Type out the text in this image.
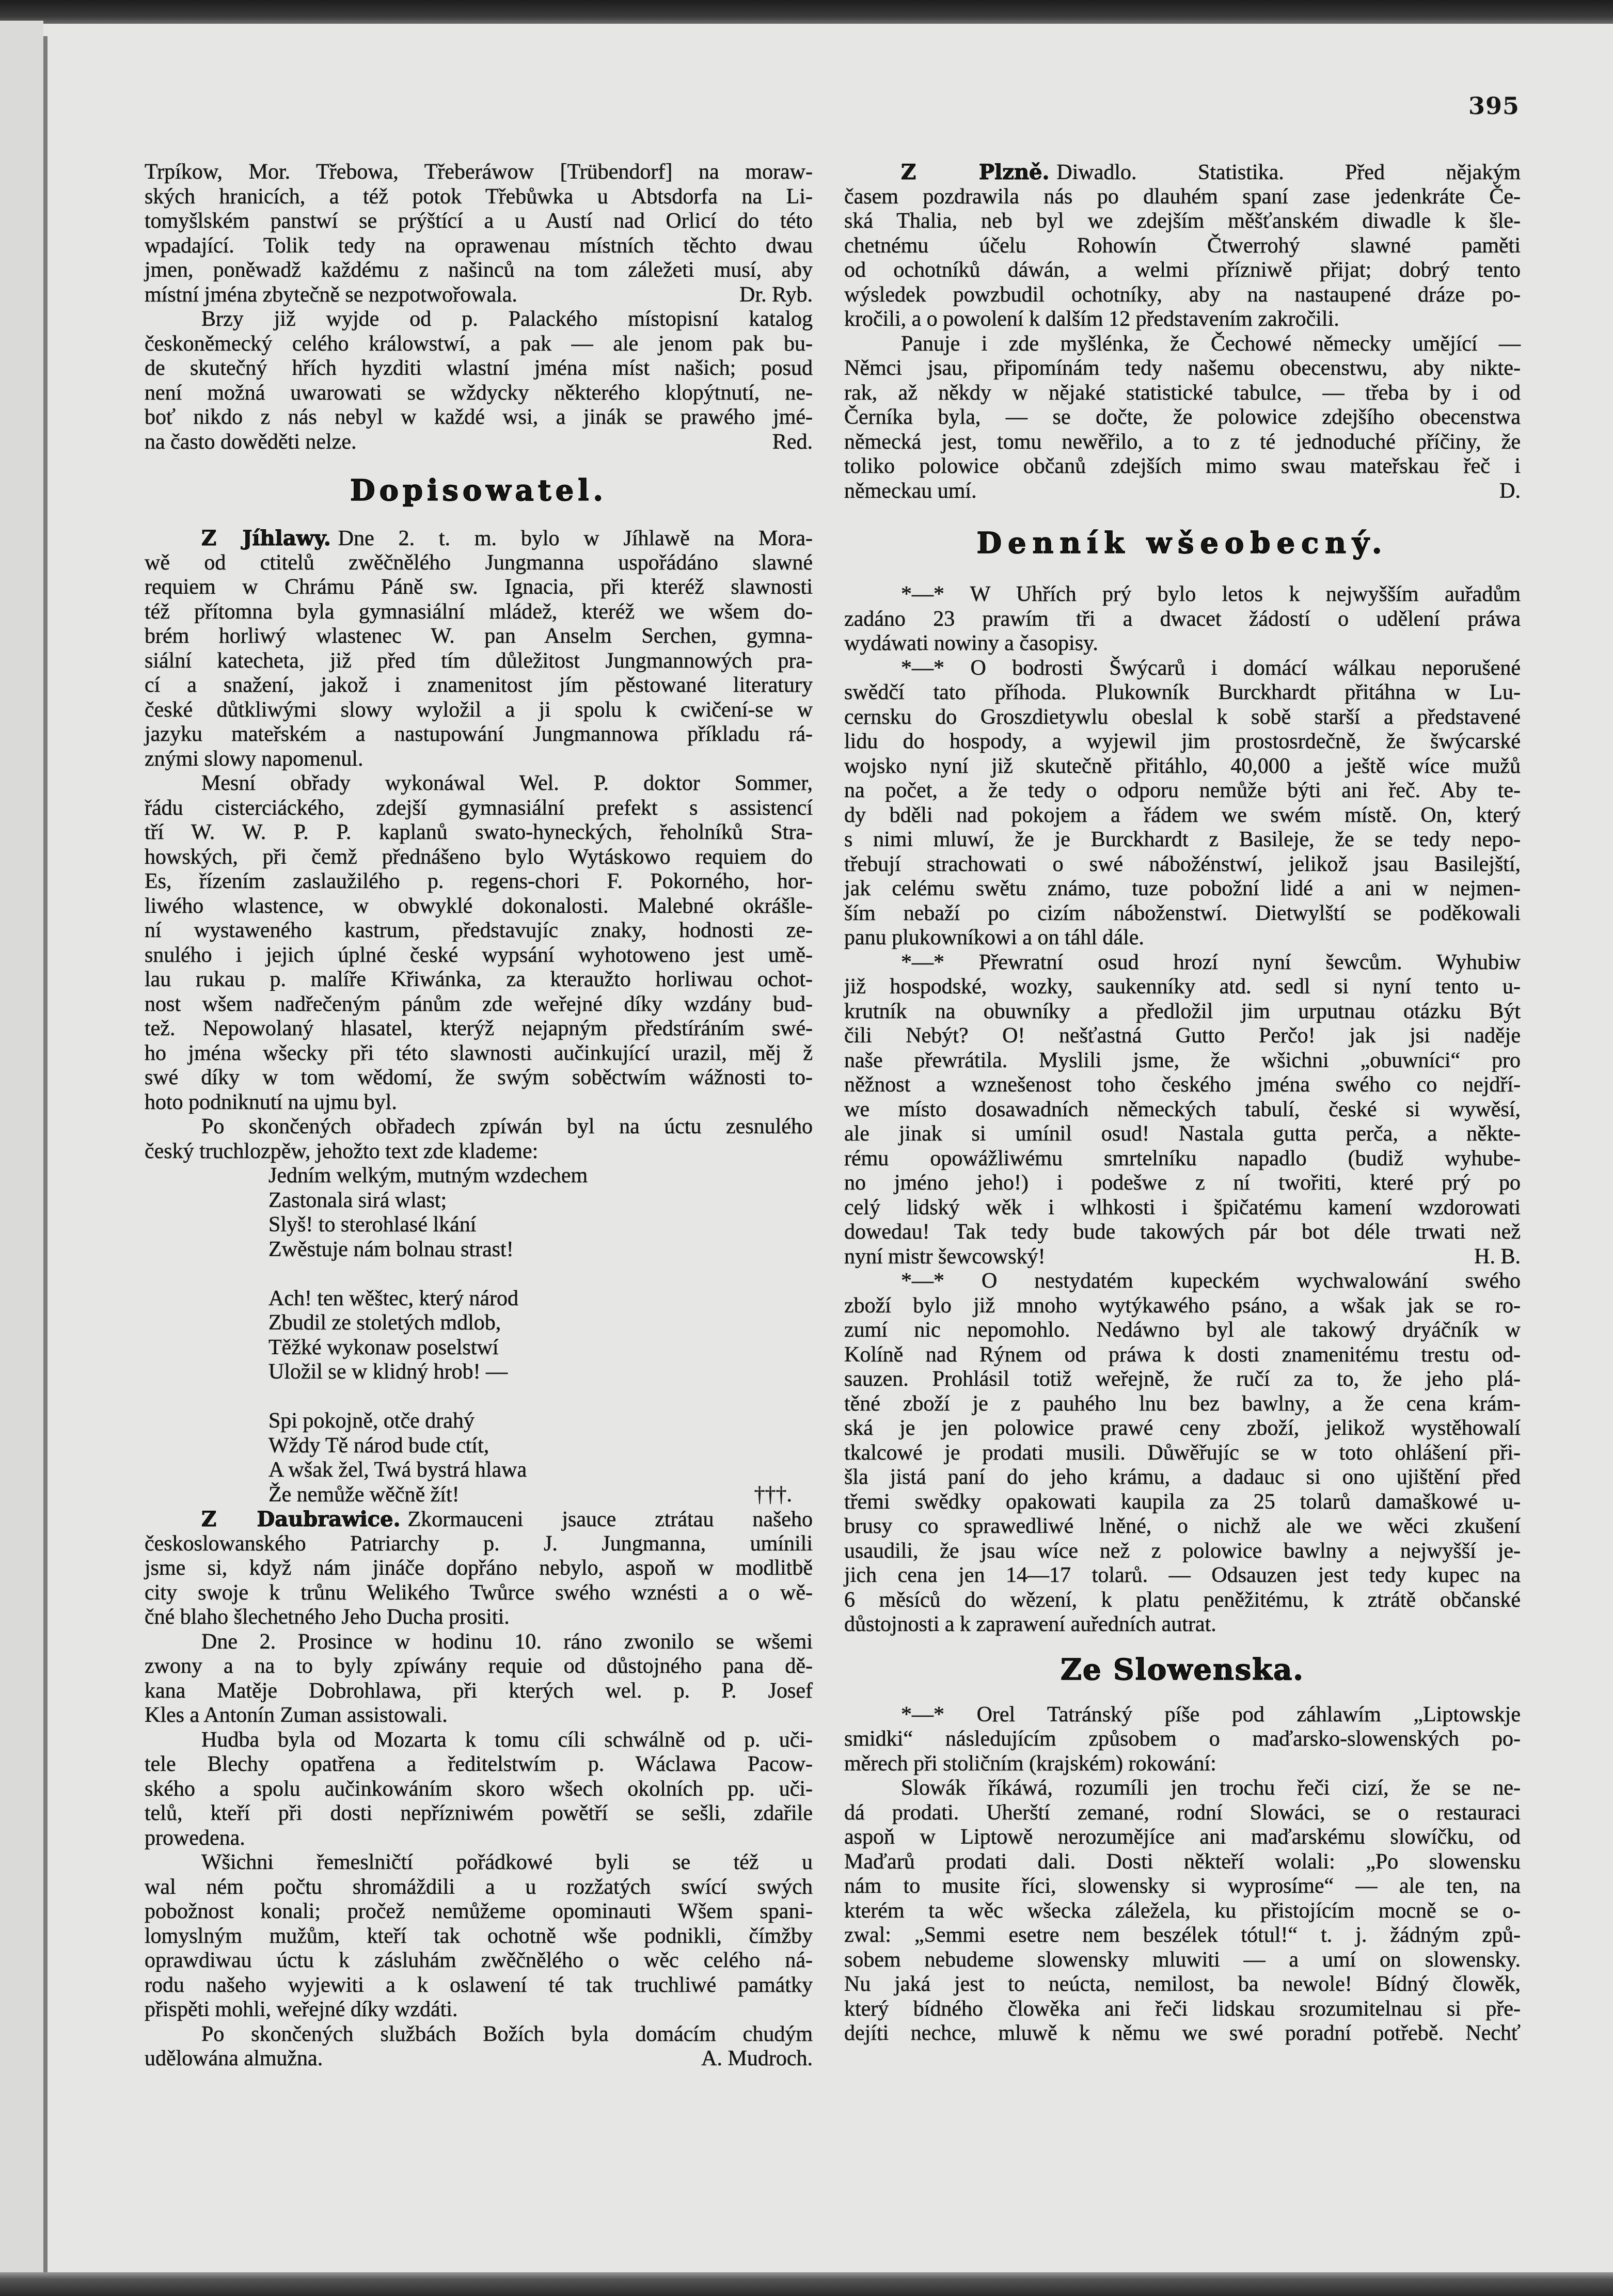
395
Trpíkow, Mor. Třebowa, Třeberáwow [Trübendorf] na moraw-
ských hranicích, a též potok Třebůwka u Abtsdorfa na Li-
tomyšlském panstwí se prýštící a u Austí nad Orlicí do této
wpadající. Tolik tedy na oprawenau místních těchto dwau
jmen, poněwadž každému z našinců na tom záležeti musí, aby
místní jména zbytečně se nezpotwořowala.	Dr. Ryb.
Brzy již wyjde od p. Palackého místopisní katalog
českoněmecký celého králowstwí, a pak — ale jenom pak bu-
de skutečný hřích hyzditi wlastní jména míst našich; posud
není možná uwarowati se wždycky některého klopýtnutí, ne-
boť nikdo z nás nebyl w každé wsi, a jinák se prawého jmé-
na často dowěděti nelze.	Red.
Dopisowatel.
Z Jíhlawy. Dne 2. t. m. bylo w Jíhlawě na Mora-
wě od ctitelů zwěčnělého Jungmanna uspořádáno slawné
requiem w Chrámu Páně sw. Ignacia, při kteréž slawnosti
též přítomna byla gymnasiální mládež, kteréž we wšem do-
brém horliwý wlastenec W. pan Anselm Serchen, gymna-
siální katecheta, již před tím důležitost Jungmannowých pra-
cí a snažení, jakož i znamenitost jím pěstowané literatury
české důtkliwými slowy wyložil a ji spolu k cwičení-se w
jazyku mateřském a nastupowání Jungmannowa příkladu rá-
znými slowy napomenul.
Mesní obřady wykonáwal Wel. P. doktor Sommer,
řádu cisterciáckého, zdejší gymnasiální prefekt s assistencí
tří W. W. P. P. kaplanů swato-hyneckých, řeholníků Stra-
howských, při čemž přednášeno bylo Wytáskowo requiem do
Es, řízením zaslaužilého p. regens-chori F. Pokorného, hor-
liwého wlastence, w obwyklé dokonalosti. Malebné okrášle-
ní wystaweného kastrum, představujíc znaky, hodnosti ze-
snulého i jejich úplné české wypsání wyhotoweno jest umě-
lau rukau p. malíře Křiwánka, za kteraužto horliwau ochot-
nost wšem nadřečeným pánům zde weřejné díky wzdány bud-
tež. Nepowolaný hlasatel, kterýž nejapným předstíráním swé-
ho jména wšecky při této slawnosti aučinkující urazil, měj ž
swé díky w tom wědomí, že swým soběctwím wážnosti to-
hoto podniknutí na ujmu byl.
Po skončených obřadech zpíwán byl na úctu zesnulého
český truchlozpěw, jehožto text zde klademe:
Jedním welkým, mutným wzdechem
Zastonala sirá wlast;
Slyš! to sterohlasé lkání
Zwěstuje nám bolnau strast!
Ach! ten wěštec, který národ
Zbudil ze stoletých mdlob,
Těžké wykonaw poselstwí
Uložil se w klidný hrob! —
Spi pokojně, otče drahý
Wždy Tě národ bude ctít,
A wšak žel, Twá bystrá hlawa
Že nemůže wěčně žít!	†††.
Z Daubrawice. Zkormauceni jsauce ztrátau našeho
českoslowanského Patriarchy p. J. Jungmanna, umínili
jsme si, když nám jináče dopřáno nebylo, aspoň w modlitbě
city swoje k trůnu Welikého Twůrce swého wznésti a o wě-
čné blaho šlechetného Jeho Ducha prositi.
Dne 2. Prosince w hodinu 10. ráno zwonilo se wšemi
zwony a na to byly zpíwány requie od důstojného pana dě-
kana Matěje Dobrohlawa, při kterých wel. p. P. Josef
Kles a Antonín Zuman assistowali.
Hudba byla od Mozarta k tomu cíli schwálně od p. uči-
tele Blechy opatřena a ředitelstwím p. Wáclawa Pacow-
ského a spolu aučinkowáním skoro wšech okolních pp. uči-
telů, kteří při dosti nepřízniwém powětří se sešli, zdařile
prowedena.
Wšichni řemeslničtí pořádkowé byli se též u
wal ném počtu shromáždili a u rozžatých swící swých
pobožnost konali; pročež nemůžeme opominauti Wšem spani-
lomyslným mužům, kteří tak ochotně wše podnikli, čímžby
oprawdiwau úctu k zásluhám zwěčnělého o wěc celého ná-
rodu našeho wyjewiti a k oslawení té tak truchliwé památky
přispěti mohli, weřejné díky wzdáti.
Po skončených službách Božích byla domácím chudým
udělowána almužna.	A. Mudroch.
Z Plzně. Diwadlo. Statistika. Před nějakým
časem pozdrawila nás po dlauhém spaní zase jedenkráte Če-
ská Thalia, neb byl we zdejším měšťanském diwadle k šle-
chetnému účelu Rohowín Čtwerrohý slawné paměti
od ochotníků dáwán, a welmi přízniwě přijat; dobrý tento
wýsledek powzbudil ochotníky, aby na nastaupené dráze po-
kročili, a o powolení k dalším 12 představením zakročili.
Panuje i zde myšlénka, že Čechowé německy umějící —
Němci jsau, připomínám tedy našemu obecenstwu, aby nikte-
rak, až někdy w nějaké statistické tabulce, — třeba by i od
Černíka byla, — se dočte, že polowice zdejšího obecenstwa
německá jest, tomu newěřilo, a to z té jednoduché příčiny, že
toliko polowice občanů zdejších mimo swau mateřskau řeč i
německau umí.	D.
Denník wšeobecný.
*—* W Uhřích prý bylo letos k nejwyšším auřadům
zadáno 23 prawím tři a dwacet žádostí o udělení práwa
wydáwati nowiny a časopisy.
*—* O bodrosti Šwýcarů i domácí wálkau neporušené
swědčí tato příhoda. Plukowník Burckhardt přitáhna w Lu-
cernsku do Groszdietywlu obeslal k sobě starší a představené
lidu do hospody, a wyjewil jim prostosrdečně, že šwýcarské
wojsko nyní již skutečně přitáhlo, 40,000 a ještě wíce mužů
na počet, a že tedy o odporu nemůže býti ani řeč. Aby te-
dy bděli nad pokojem a řádem we swém místě. On, který
s nimi mluwí, že je Burckhardt z Basileje, že se tedy nepo-
třebují strachowati o swé nábožénstwí, jelikož jsau Basilejští,
jak celému swětu známo, tuze pobožní lidé a ani w nejmen-
ším nebaží po cizím náboženstwí. Dietwylští se poděkowali
panu plukowníkowi a on táhl dále.
*—* Přewratní osud hrozí nyní šewcům. Wyhubiw
již hospodské, wozky, saukenníky atd. sedl si nyní tento u-
krutník na obuwníky a předložil jim urputnau otázku Být
čili Nebýt? O! nešťastná Gutto Perčo! jak jsi naděje
naše přewrátila. Myslili jsme, že wšichni „obuwníci“ pro
něžnost a wznešenost toho českého jména swého co nejdří-
we místo dosawadních německých tabulí, české si wywěsí,
ale jinak si umínil osud! Nastala gutta perča, a někte-
rému opowážliwému smrtelníku napadlo (budiž wyhube-
no jméno jeho!) i podešwe z ní twořiti, které prý po
celý lidský wěk i wlhkosti i špičatému kamení wzdorowati
dowedau! Tak tedy bude takowých pár bot déle trwati než
nyní mistr šewcowský!	H. B.
*—* O nestydatém kupeckém wychwalowání swého
zboží bylo již mnoho wytýkawého psáno, a wšak jak se ro-
zumí nic nepomohlo. Nedáwno byl ale takowý dryáčník w
Kolíně nad Rýnem od práwa k dosti znamenitému trestu od-
sauzen. Prohlásil totiž weřejně, že ručí za to, že jeho plá-
těné zboží je z pauhého lnu bez bawlny, a že cena krám-
ská je jen polowice prawé ceny zboží, jelikož wystěhowalí
tkalcowé je prodati musili. Důwěřujíc se w toto ohlášení při-
šla jistá paní do jeho krámu, a dadauc si ono ujištění před
třemi swědky opakowati kaupila za 25 tolarů damaškowé u-
brusy co sprawedliwé lněné, o nichž ale we wěci zkušení
usaudili, že jsau wíce než z polowice bawlny a nejwyšší je-
jich cena jen 14—17 tolarů. — Odsauzen jest tedy kupec na
6 měsíců do wězení, k platu peněžitému, k ztrátě občanské
důstojnosti a k zaprawení auředních autrat.
Ze Slowenska.
*—* Orel Tatránský píše pod záhlawím „Liptowskje
smidki“ následujícím způsobem o maďarsko-slowenských po-
měrech při stoličním (krajském) rokowání:
Slowák říkáwá, rozumíli jen trochu řeči cizí, že se ne-
dá prodati. Uherští zemané, rodní Slowáci, se o restauraci
aspoň w Liptowě nerozumějíce ani maďarskému slowíčku, od
Maďarů prodati dali. Dosti někteří wolali: „Po slowensku
nám to musite říci, slowensky si wyprosíme“ — ale ten, na
kterém ta wěc wšecka záležela, ku přistojícím mocně se o-
zwal: „Semmi esetre nem beszélek tótul!“ t. j. žádným způ-
sobem nebudeme slowensky mluwiti — a umí on slowensky.
Nu jaká jest to neúcta, nemilost, ba newole! Bídný člowěk,
který bídného člowěka ani řeči lidskau srozumitelnau si pře-
dejíti nechce, mluwě k němu we swé poradní potřebě. Nechť
